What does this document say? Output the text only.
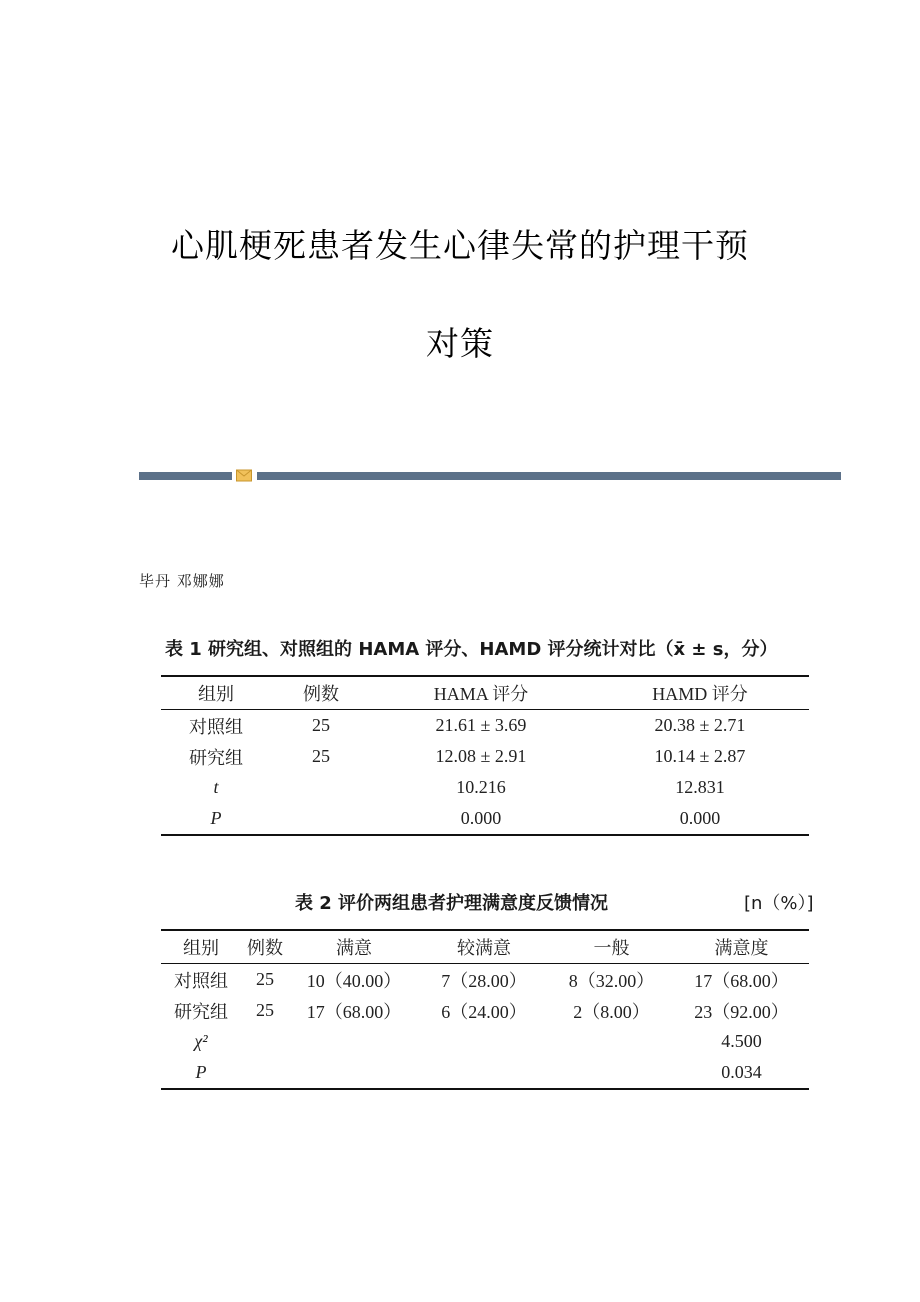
心肌梗死患者发生心律失常的护理干预
对策
毕丹 邓娜娜
表 1 研究组、对照组的 HAMA 评分、HAMD 评分统计对比（x̄ ± s，分）
组别	例数	HAMA 评分	HAMD 评分
对照组	25	21.61 ± 3.69	20.38 ± 2.71
研究组	25	12.08 ± 2.91	10.14 ± 2.87
t		10.216	12.831
P		0.000	0.000
表 2 评价两组患者护理满意度反馈情况	[n（%）]
组别	例数	满意	较满意	一般	满意度
对照组	25	10（40.00）	7（28.00）	8（32.00）	17（68.00）
研究组	25	17（68.00）	6（24.00）	2（8.00）	23（92.00）
χ²					4.500
P					0.034
